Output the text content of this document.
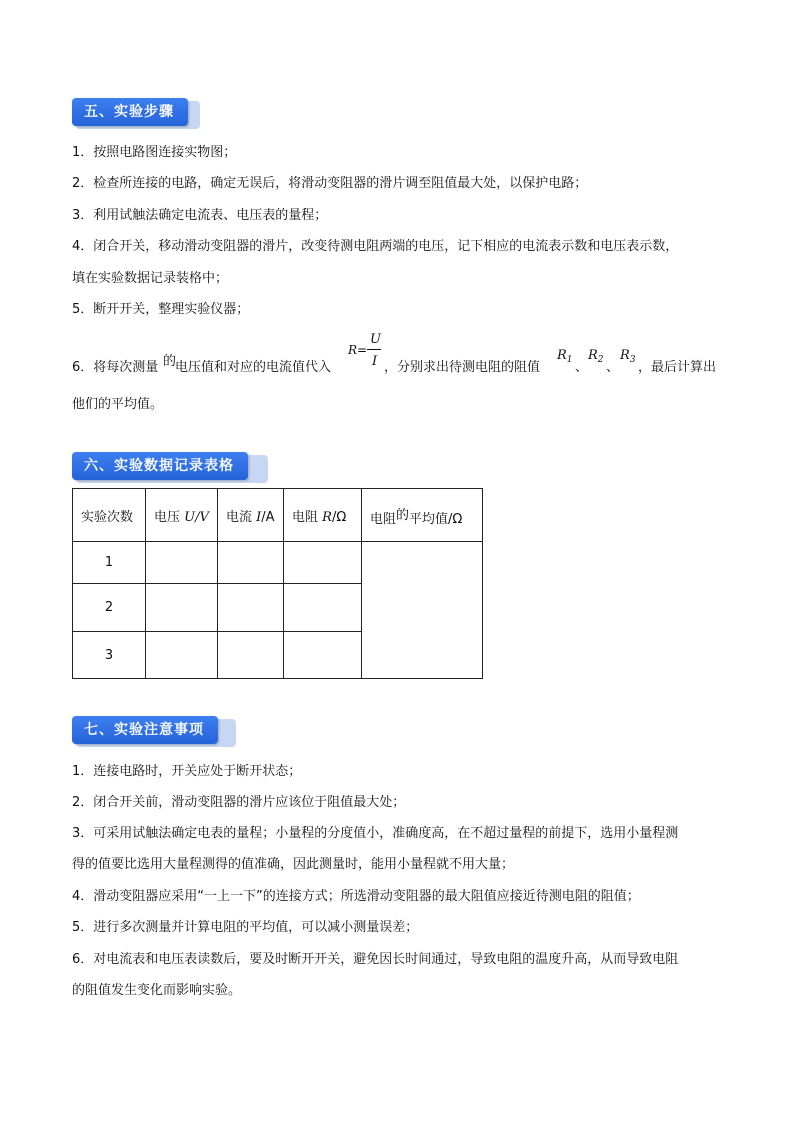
五、实验步骤
1．按照电路图连接实物图；
2．检查所连接的电路，确定无误后，将滑动变阻器的滑片调至阻值最大处，以保护电路；
3．利用试触法确定电流表、电压表的量程；
4．闭合开关，移动滑动变阻器的滑片，改变待测电阻两端的电压，记下相应的电流表示数和电压表示数，
填在实验数据记录装格中；
5．断开开关，整理实验仪器；
6．将每次测量 的
电压值和对应的电流值代入
R=
U
I ，分别求出待测电阻的阻值
$R_1$ 、
$R_2$ 、
$R_3$ ，最后计算出
他们的平均值。
六、实验数据记录表格
实验次数	电压 U/V	电流 I/A	电阻 R/Ω	电阻的平均值/Ω
1				
2				
3				
七、实验注意事项
1．连接电路时，开关应处于断开状态；
2．闭合开关前，滑动变阻器的滑片应该位于阻值最大处；
3．可采用试触法确定电表的量程；小量程的分度值小，准确度高，在不超过量程的前提下，选用小量程测
得的值要比选用大量程测得的值准确，因此测量时，能用小量程就不用大量；
4．滑动变阻器应采用“一上一下”的连接方式；所选滑动变阻器的最大阻值应接近待测电阻的阻值；
5．进行多次测量并计算电阻的平均值，可以减小测量误差；
6．对电流表和电压表读数后，要及时断开开关，避免因长时间通过，导致电阻的温度升高，从而导致电阻
的阻值发生变化而影响实验。
